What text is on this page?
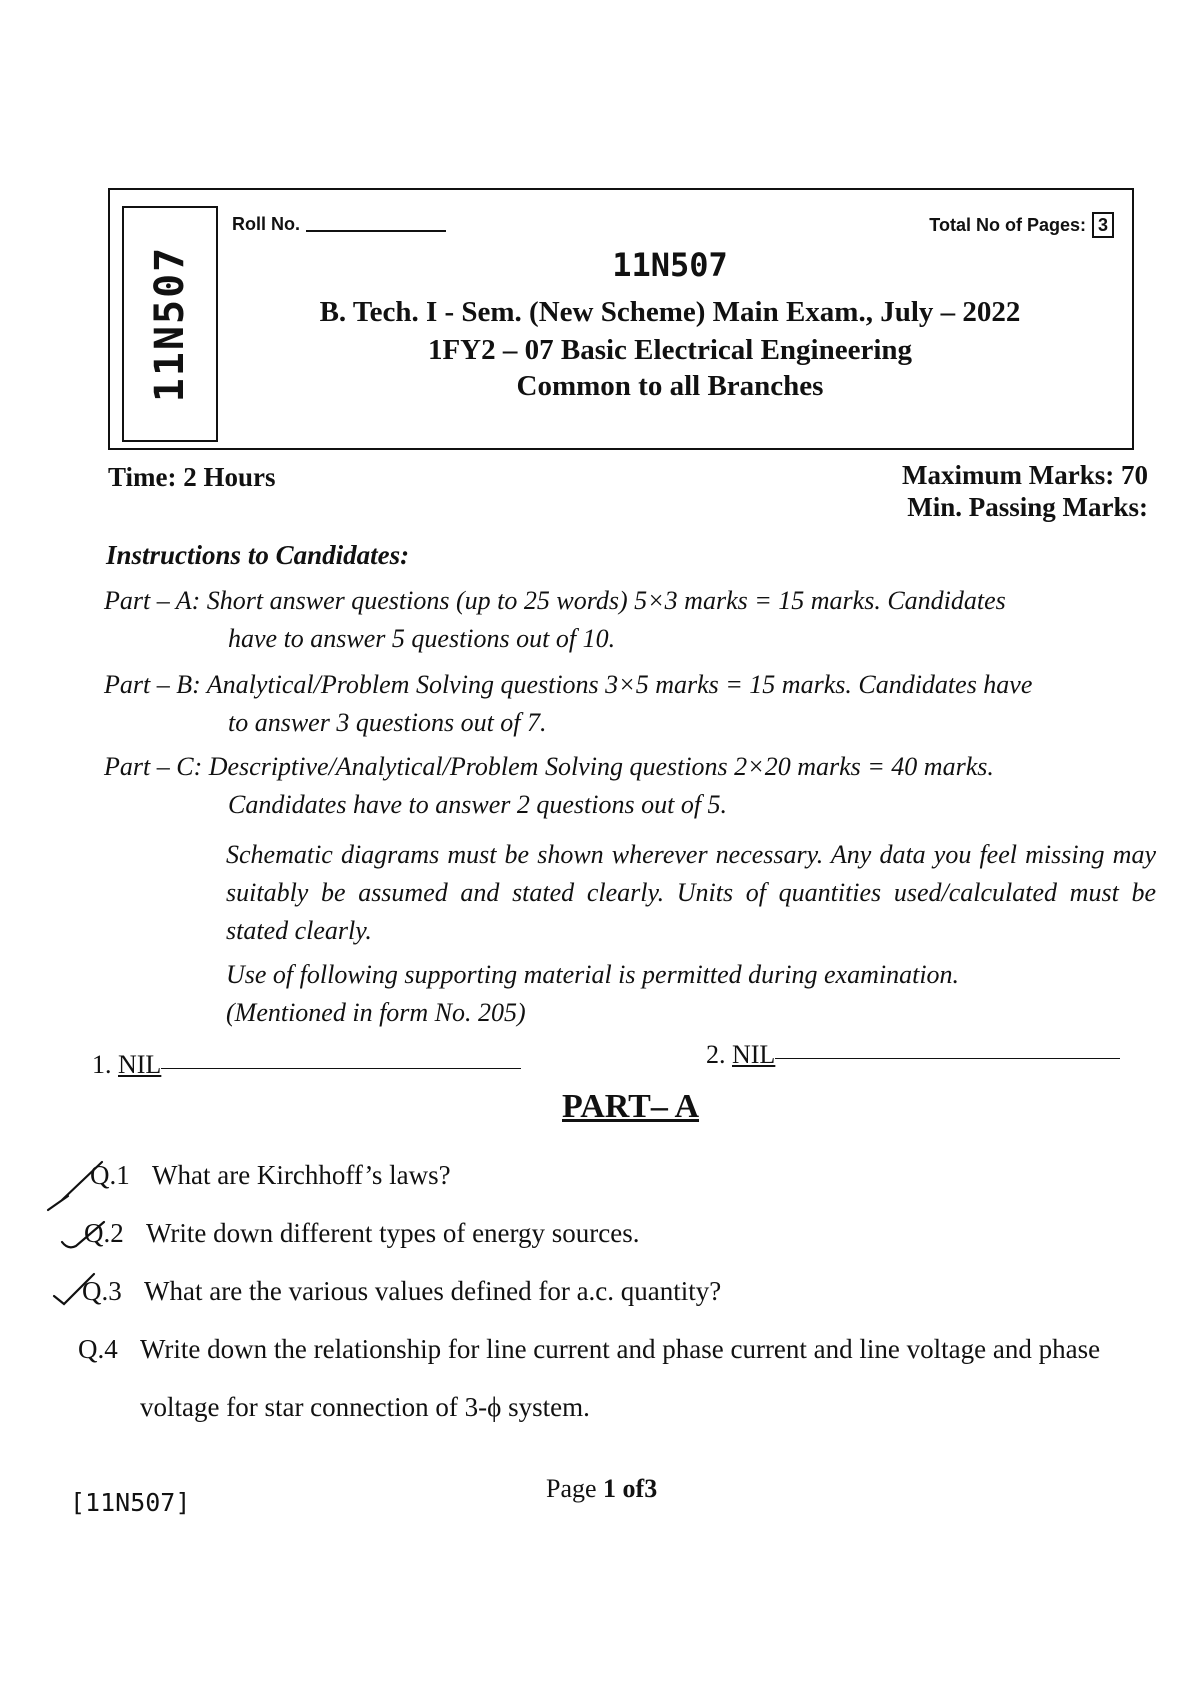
11N507
Roll No.	Total No of Pages: 3
11N507
B. Tech. I - Sem. (New Scheme) Main Exam., July – 2022
1FY2 – 07 Basic Electrical Engineering
Common to all Branches
Time: 2 Hours	Maximum Marks: 70
Min. Passing Marks:
Instructions to Candidates:
Part – A: Short answer questions (up to 25 words) 5×3 marks = 15 marks. Candidates
have to answer 5 questions out of 10.
Part – B: Analytical/Problem Solving questions 3×5 marks = 15 marks. Candidates have
to answer 3 questions out of 7.
Part – C: Descriptive/Analytical/Problem Solving questions 2×20 marks = 40 marks.
Candidates have to answer 2 questions out of 5.
Schematic diagrams must be shown wherever necessary. Any data you feel missing may suitably be assumed and stated clearly. Units of quantities used/calculated must be stated clearly.
Use of following supporting material is permitted during examination.
(Mentioned in form No. 205)
1. NIL	2. NIL
PART– A
Q.1 What are Kirchhoff’s laws?
Q.2 Write down different types of energy sources.
Q.3 What are the various values defined for a.c. quantity?
Q.4 Write down the relationship for line current and phase current and line voltage and phase
voltage for star connection of 3-ϕ system.
[11N507]	Page 1 of3
